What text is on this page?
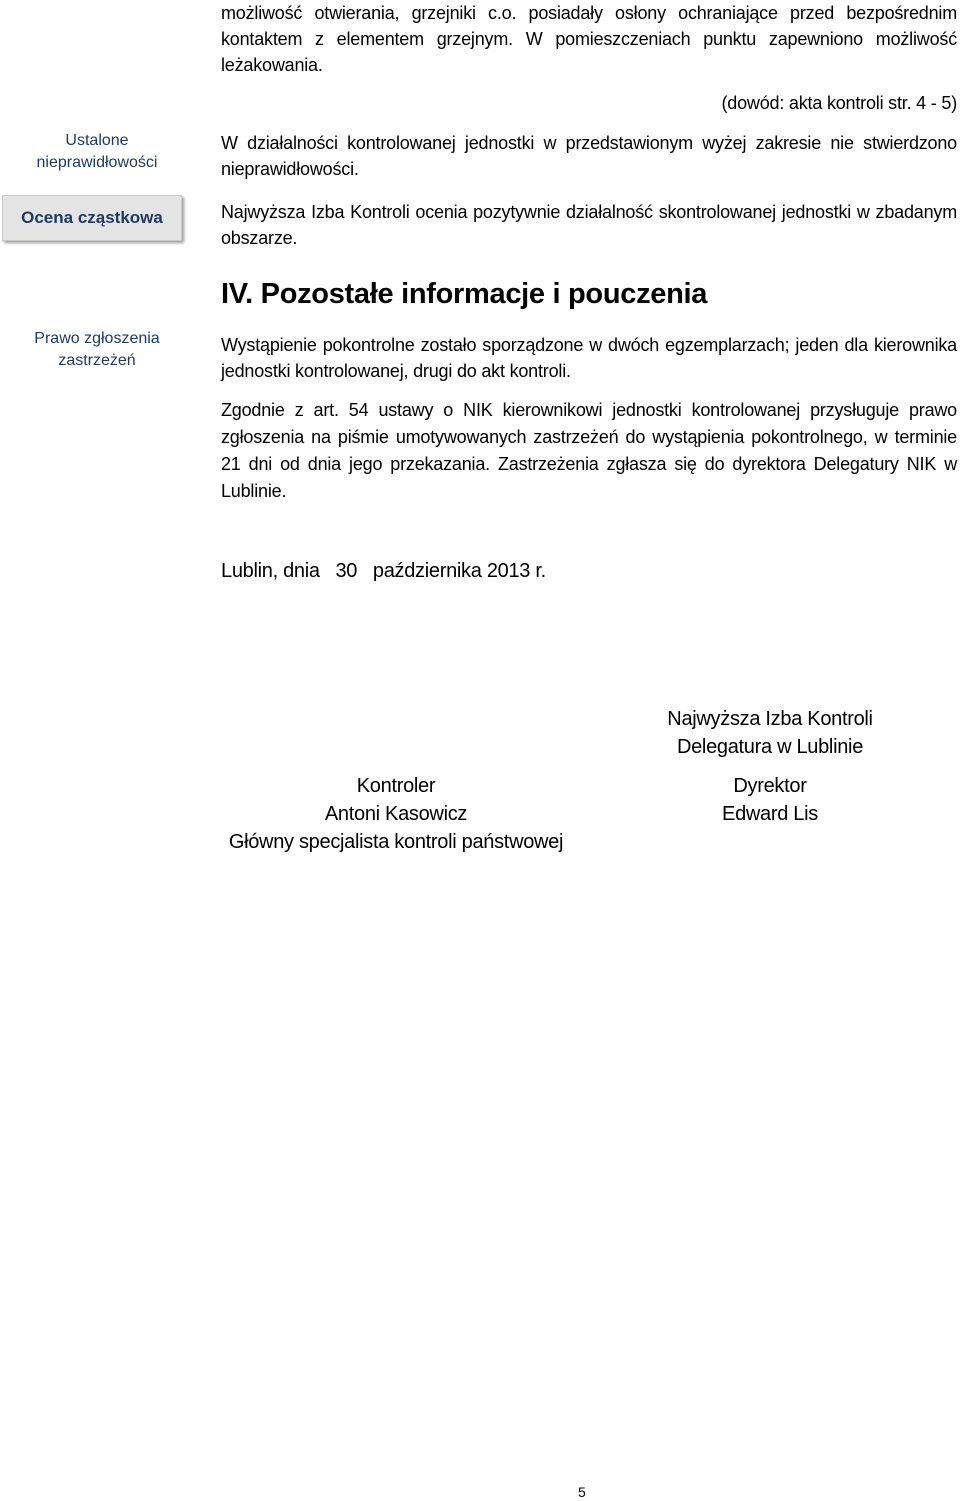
Ustalone nieprawidłowości
Ocena cząstkowa
Prawo zgłoszenia zastrzeżeń
możliwość otwierania, grzejniki c.o. posiadały osłony ochraniające przed bezpośrednim kontaktem z elementem grzejnym. W pomieszczeniach punktu zapewniono możliwość leżakowania.
(dowód: akta kontroli str. 4 - 5)
W działalności kontrolowanej jednostki w przedstawionym wyżej zakresie nie stwierdzono nieprawidłowości.
Najwyższa Izba Kontroli ocenia pozytywnie działalność skontrolowanej jednostki w zbadanym obszarze.
IV. Pozostałe informacje i pouczenia
Wystąpienie pokontrolne zostało sporządzone w dwóch egzemplarzach; jeden dla kierownika jednostki kontrolowanej, drugi do akt kontroli.
Zgodnie z art. 54 ustawy o NIK kierownikowi jednostki kontrolowanej przysługuje prawo zgłoszenia na piśmie umotywowanych zastrzeżeń do wystąpienia pokontrolnego, w terminie 21 dni od dnia jego przekazania. Zastrzeżenia zgłasza się do dyrektora Delegatury NIK w Lublinie.
Lublin, dnia   30   października 2013 r.
Najwyższa Izba Kontroli
Delegatura w Lublinie
Kontroler
Antoni Kasowicz
Główny specjalista kontroli państwowej
Dyrektor
Edward Lis
5
